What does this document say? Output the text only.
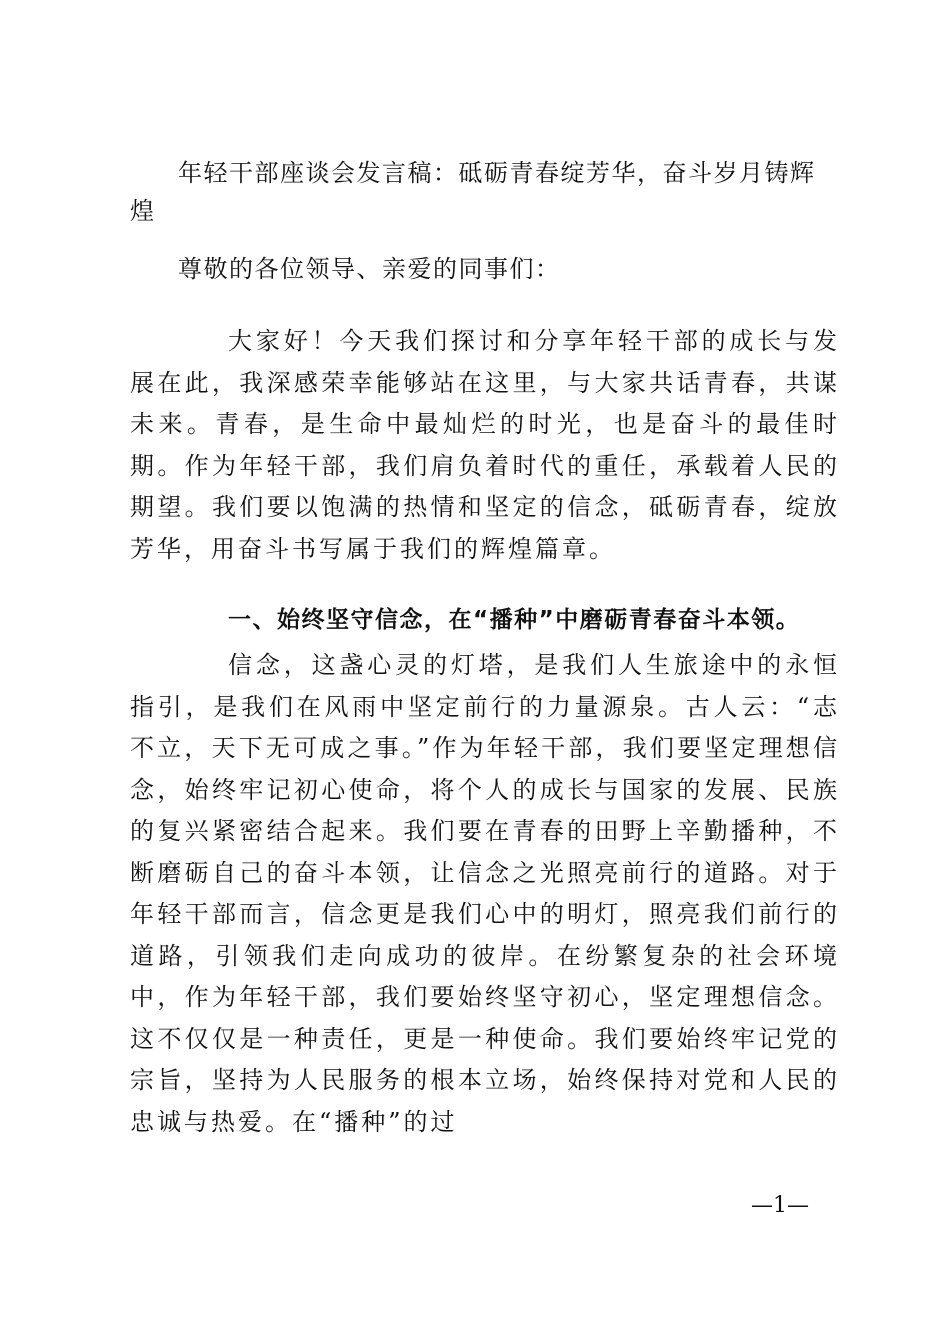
年轻干部座谈会发言稿：砥砺青春绽芳华，奋斗岁月铸辉煌

尊敬的各位领导、亲爱的同事们：

大家好！今天我们探讨和分享年轻干部的成长与发展在此，我深感荣幸能够站在这里，与大家共话青春，共谋未来。青春，是生命中最灿烂的时光，也是奋斗的最佳时期。作为年轻干部，我们肩负着时代的重任，承载着人民的期望。我们要以饱满的热情和坚定的信念，砥砺青春，绽放芳华，用奋斗书写属于我们的辉煌篇章。

一、始终坚守信念，在“播种”中磨砺青春奋斗本领。

信念，这盏心灵的灯塔，是我们人生旅途中的永恒指引，是我们在风雨中坚定前行的力量源泉。古人云：“志不立，天下无可成之事。”作为年轻干部，我们要坚定理想信念，始终牢记初心使命，将个人的成长与国家的发展、民族的复兴紧密结合起来。我们要在青春的田野上辛勤播种，不断磨砺自己的奋斗本领，让信念之光照亮前行的道路。对于年轻干部而言，信念更是我们心中的明灯，照亮我们前行的道路，引领我们走向成功的彼岸。在纷繁复杂的社会环境中，作为年轻干部，我们要始终坚守初心，坚定理想信念。这不仅仅是一种责任，更是一种使命。我们要始终牢记党的宗旨，坚持为人民服务的根本立场，始终保持对党和人民的忠诚与热爱。在“播种”的过

—1—
